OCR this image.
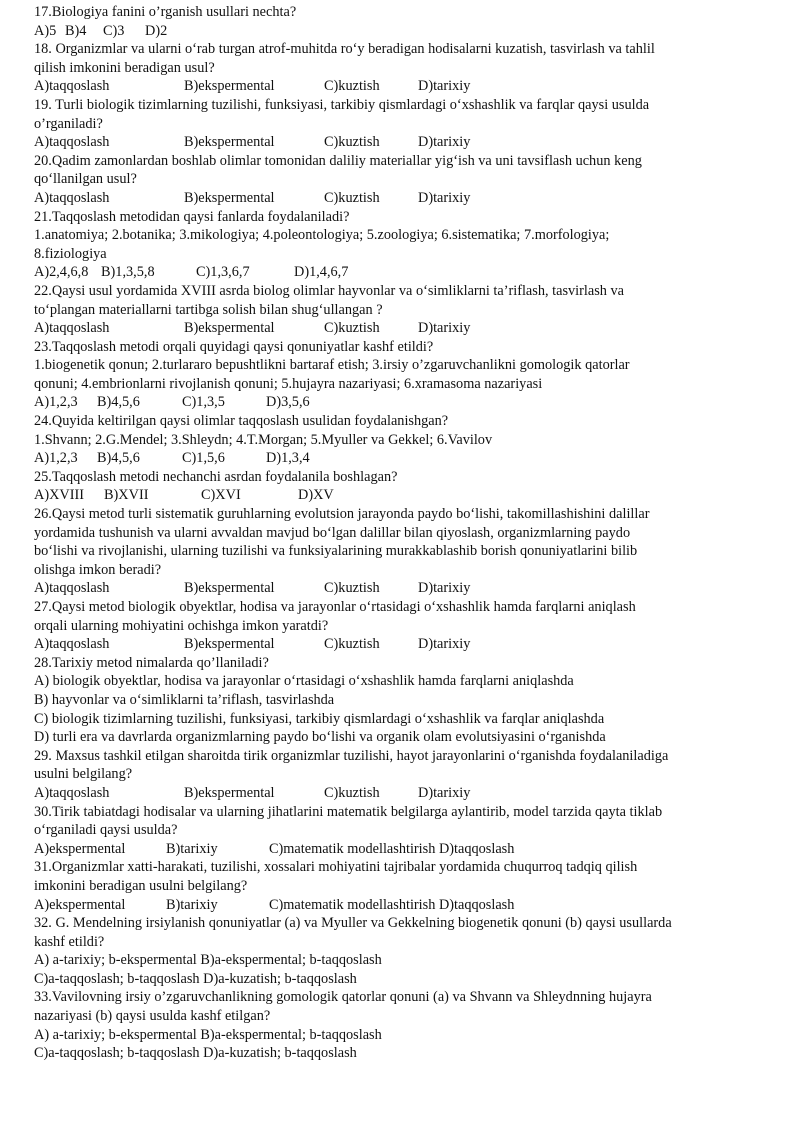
17.Biologiya fanini o’rganish usullari nechta?
A)5 B)4 C)3 D)2
18. Organizmlar va ularni o‘rab turgan atrof-muhitda ro‘y beradigan hodisalarni kuzatish, tasvirlash va tahlil
qilish imkonini beradigan usul?
A)taqqoslash	B)ekspermental	C)kuztish	D)tarixiy
19. Turli biologik tizimlarning tuzilishi, funksiyasi, tarkibiy qismlardagi o‘xshashlik va farqlar qaysi usulda
o’rganiladi?
A)taqqoslash	B)ekspermental	C)kuztish	D)tarixiy
20.Qadim zamonlardan boshlab olimlar tomonidan daliliy materiallar yig‘ish va uni tavsiflash uchun keng
qo‘llanilgan usul?
A)taqqoslash	B)ekspermental	C)kuztish	D)tarixiy
21.Taqqoslash metodidan qaysi fanlarda foydalaniladi?
1.anatomiya; 2.botanika; 3.mikologiya; 4.poleontologiya; 5.zoologiya; 6.sistematika; 7.morfologiya;
8.fiziologiya
A)2,4,6,8 B)1,3,5,8	C)1,3,6,7	D)1,4,6,7
22.Qaysi usul yordamida XVIII asrda biolog olimlar hayvonlar va o‘simliklarni ta’riflash, tasvirlash va
to‘plangan materiallarni tartibga solish bilan shug‘ullangan ?
A)taqqoslash	B)ekspermental	C)kuztish	D)tarixiy
23.Taqqoslash metodi orqali quyidagi qaysi qonuniyatlar kashf etildi?
1.biogenetik qonun; 2.turlararo bepushtlikni bartaraf etish; 3.irsiy o’zgaruvchanlikni gomologik qatorlar
qonuni; 4.embrionlarni rivojlanish qonuni; 5.hujayra nazariyasi; 6.xramasoma nazariyasi
A)1,2,3 B)4,5,6	C)1,3,5	D)3,5,6
24.Quyida keltirilgan qaysi olimlar taqqoslash usulidan foydalanishgan?
1.Shvann; 2.G.Mendel; 3.Shleydn; 4.T.Morgan; 5.Myuller va Gekkel; 6.Vavilov
A)1,2,3 B)4,5,6	C)1,5,6	D)1,3,4
25.Taqqoslash metodi nechanchi asrdan foydalanila boshlagan?
A)XVIII B)XVII	C)XVI	D)XV
26.Qaysi metod turli sistematik guruhlarning evolutsion jarayonda paydo bo‘lishi, takomillashishini dalillar
yordamida tushunish va ularni avvaldan mavjud bo‘lgan dalillar bilan qiyoslash, organizmlarning paydo
bo‘lishi va rivojlanishi, ularning tuzilishi va funksiyalarining murakkablashib borish qonuniyatlarini bilib
olishga imkon beradi?
A)taqqoslash	B)ekspermental	C)kuztish	D)tarixiy
27.Qaysi metod biologik obyektlar, hodisa va jarayonlar o‘rtasidagi o‘xshashlik hamda farqlarni aniqlash
orqali ularning mohiyatini ochishga imkon yaratdi?
A)taqqoslash	B)ekspermental	C)kuztish	D)tarixiy
28.Tarixiy metod nimalarda qo’llaniladi?
A) biologik obyektlar, hodisa va jarayonlar o‘rtasidagi o‘xshashlik hamda farqlarni aniqlashda
B) hayvonlar va o‘simliklarni ta’riflash, tasvirlashda
C) biologik tizimlarning tuzilishi, funksiyasi, tarkibiy qismlardagi o‘xshashlik va farqlar aniqlashda
D) turli era va davrlarda organizmlarning paydo bo‘lishi va organik olam evolutsiyasini o‘rganishda
29. Maxsus tashkil etilgan sharoitda tirik organizmlar tuzilishi, hayot jarayonlarini o‘rganishda foydalaniladiga
usulni belgilang?
A)taqqoslash	B)ekspermental	C)kuztish	D)tarixiy
30.Tirik tabiatdagi hodisalar va ularning jihatlarini matematik belgilarga aylantirib, model tarzida qayta tiklab
o‘rganiladi qaysi usulda?
A)ekspermental	B)tarixiy	C)matematik modellashtirish D)taqqoslash
31.Organizmlar xatti-harakati, tuzilishi, xossalari mohiyatini tajribalar yordamida chuqurroq tadqiq qilish
imkonini beradigan usulni belgilang?
A)ekspermental	B)tarixiy	C)matematik modellashtirish D)taqqoslash
32. G. Mendelning irsiylanish qonuniyatlar (a) va Myuller va Gekkelning biogenetik qonuni (b) qaysi usullarda
kashf etildi?
A) a-tarixiy; b-ekspermental B)a-ekspermental; b-taqqoslash
C)a-taqqoslash; b-taqqoslash D)a-kuzatish; b-taqqoslash
33.Vavilovning irsiy o’zgaruvchanlikning gomologik qatorlar qonuni (a) va Shvann va Shleydnning hujayra
nazariyasi (b) qaysi usulda kashf etilgan?
A) a-tarixiy; b-ekspermental B)a-ekspermental; b-taqqoslash
C)a-taqqoslash; b-taqqoslash D)a-kuzatish; b-taqqoslash
